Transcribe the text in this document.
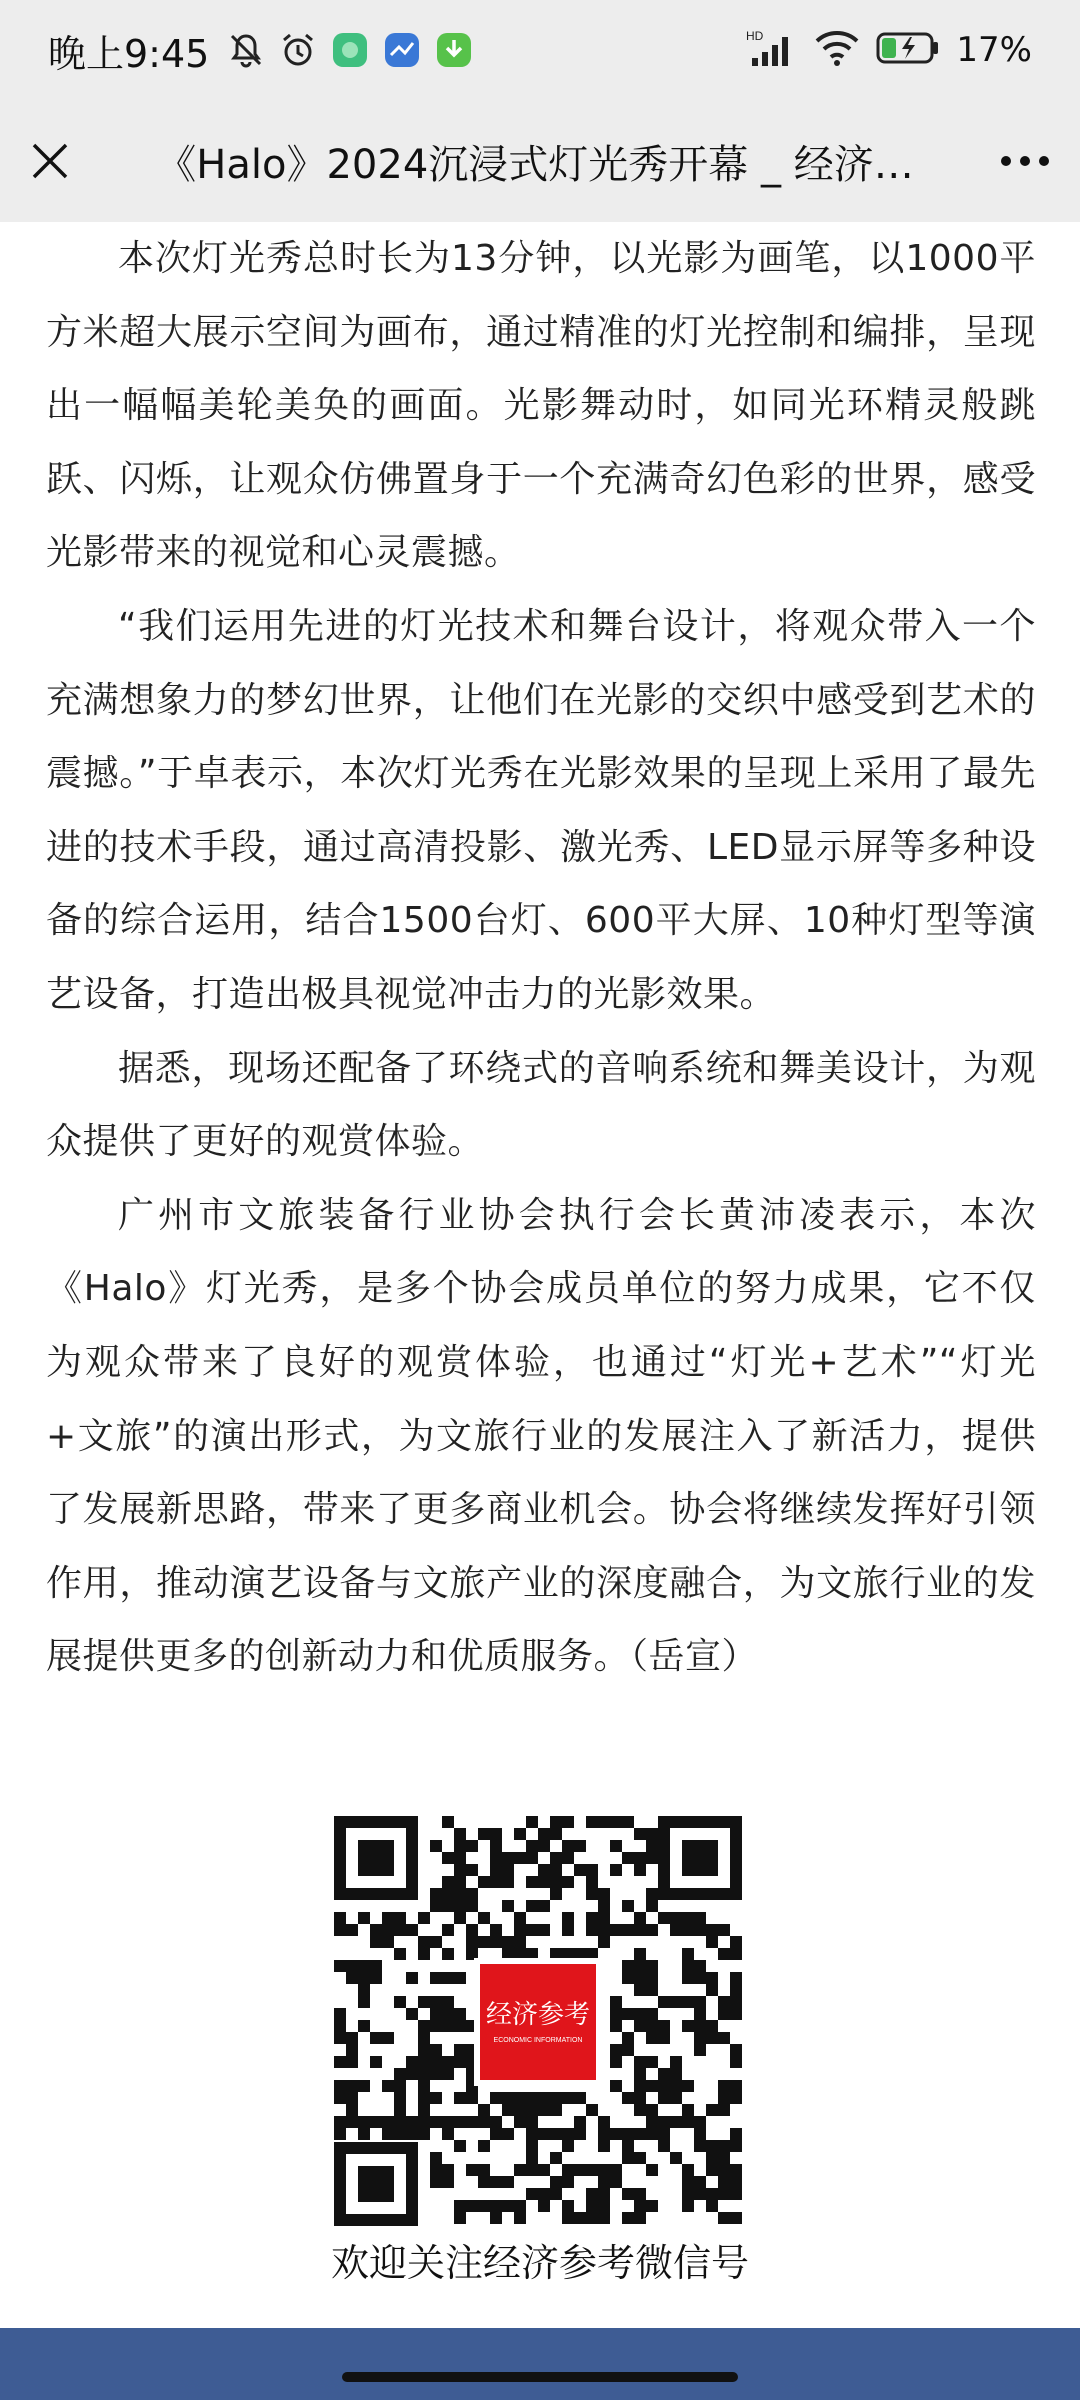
晚上9:45	HD	17%
《Halo》2024沉浸式灯光秀开幕 _ 经济…

本次灯光秀总时长为13分钟，以光影为画笔，以1000平方米超大展示空间为画布，通过精准的灯光控制和编排，呈现出一幅幅美轮美奂的画面。光影舞动时，如同光环精灵般跳跃、闪烁，让观众仿佛置身于一个充满奇幻色彩的世界，感受光影带来的视觉和心灵震撼。

“我们运用先进的灯光技术和舞台设计，将观众带入一个充满想象力的梦幻世界，让他们在光影的交织中感受到艺术的震撼。”于卓表示，本次灯光秀在光影效果的呈现上采用了最先进的技术手段，通过高清投影、激光秀、LED显示屏等多种设备的综合运用，结合1500台灯、600平大屏、10种灯型等演艺设备，打造出极具视觉冲击力的光影效果。

据悉，现场还配备了环绕式的音响系统和舞美设计，为观众提供了更好的观赏体验。

广州市文旅装备行业协会执行会长黄沛凌表示，本次《Halo》灯光秀，是多个协会成员单位的努力成果，它不仅为观众带来了良好的观赏体验，也通过“灯光+艺术”“灯光+文旅”的演出形式，为文旅行业的发展注入了新活力，提供了发展新思路，带来了更多商业机会。协会将继续发挥好引领作用，推动演艺设备与文旅产业的深度融合，为文旅行业的发展提供更多的创新动力和优质服务。（岳宣）

经济参考
ECONOMIC INFORMATION
欢迎关注经济参考微信号
